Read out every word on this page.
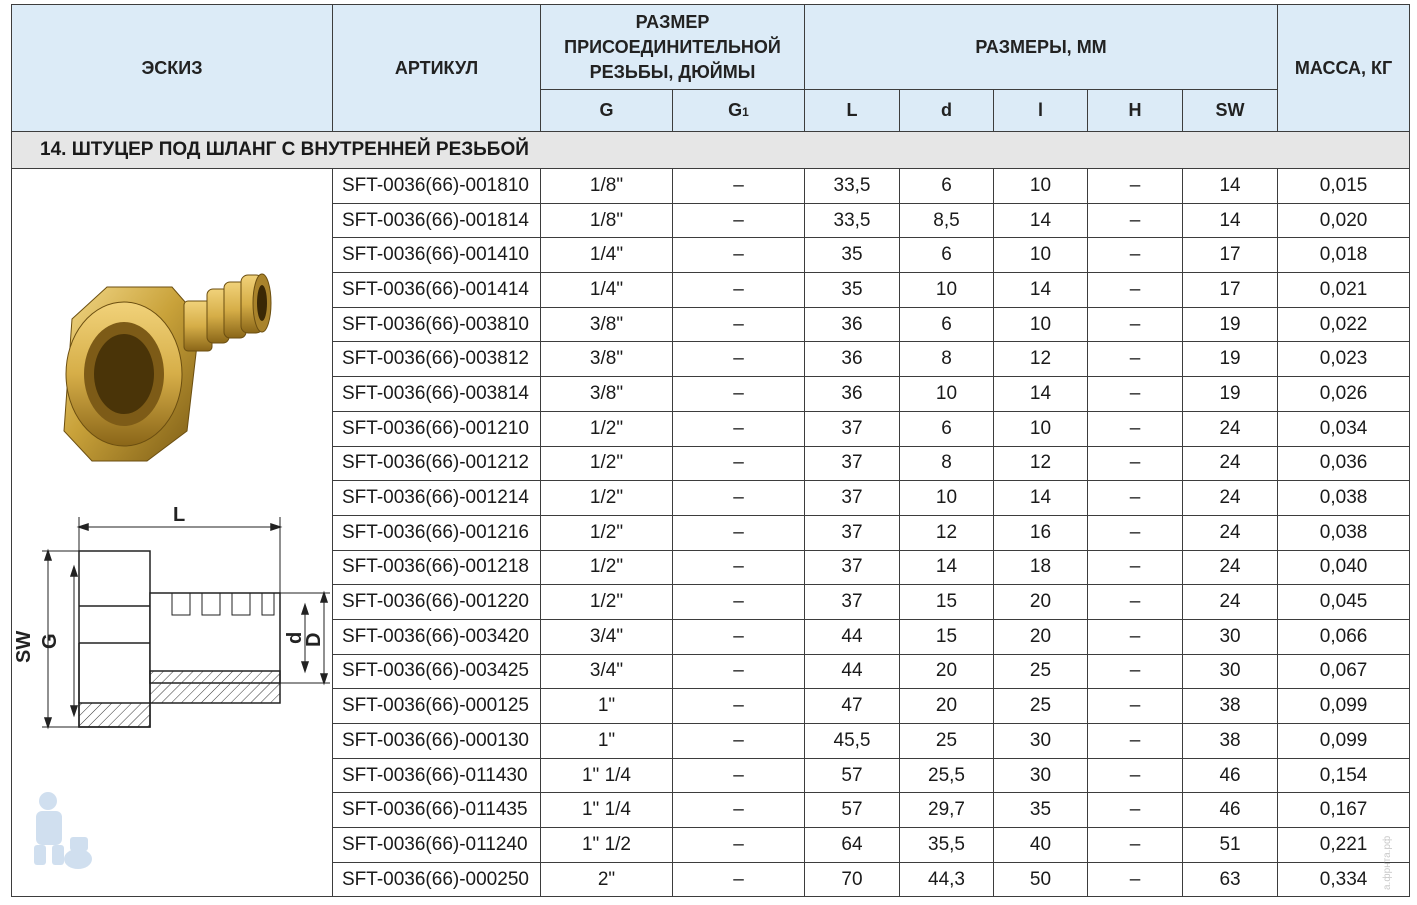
ЭСКИЗ	АРТИКУЛ	РАЗМЕР
ПРИСОЕДИНИТЕЛЬНОЙ
РЕЗЬБЫ, ДЮЙМЫ		РАЗМЕРЫ, ММ					МАССА, КГ
		G	G1	L	d	l	H	SW	
14. ШТУЦЕР ПОД ШЛАНГ С ВНУТРЕННЕЙ РЕЗЬБОЙ									

L
SW G d
D	SFT-0036(66)-001810	1/8"	–	33,5	6	10	–	14	0,015
	SFT-0036(66)-001814	1/8"	–	33,5	8,5	14	–	14	0,020
	SFT-0036(66)-001410	1/4"	–	35	6	10	–	17	0,018
	SFT-0036(66)-001414	1/4"	–	35	10	14	–	17	0,021
	SFT-0036(66)-003810	3/8"	–	36	6	10	–	19	0,022
	SFT-0036(66)-003812	3/8"	–	36	8	12	–	19	0,023
	SFT-0036(66)-003814	3/8"	–	36	10	14	–	19	0,026
	SFT-0036(66)-001210	1/2"	–	37	6	10	–	24	0,034
	SFT-0036(66)-001212	1/2"	–	37	8	12	–	24	0,036
	SFT-0036(66)-001214	1/2"	–	37	10	14	–	24	0,038
	SFT-0036(66)-001216	1/2"	–	37	12	16	–	24	0,038
	SFT-0036(66)-001218	1/2"	–	37	14	18	–	24	0,040
	SFT-0036(66)-001220	1/2"	–	37	15	20	–	24	0,045
	SFT-0036(66)-003420	3/4"	–	44	15	20	–	30	0,066
	SFT-0036(66)-003425	3/4"	–	44	20	25	–	30	0,067
	SFT-0036(66)-000125	1"	–	47	20	25	–	38	0,099
	SFT-0036(66)-000130	1"	–	45,5	25	30	–	38	0,099
	SFT-0036(66)-011430	1" 1/4	–	57	25,5	30	–	46	0,154
	SFT-0036(66)-011435	1" 1/4	–	57	29,7	35	–	46	0,167
	SFT-0036(66)-011240	1" 1/2	–	64	35,5	40	–	51	0,221
	SFT-0036(66)-000250	2"	–	70	44,3	50	–	63	0,334 а.фрнта.рф
